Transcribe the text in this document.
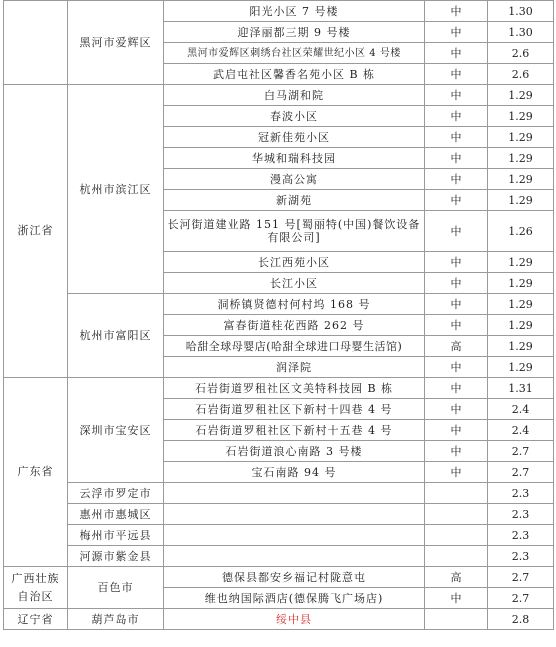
	黑河市爱辉区	阳光小区 7 号楼	中	1.30
		迎泽丽都三期 9 号楼	中	1.30
		黑河市爱辉区刺绣台社区荣耀世纪小区 4 号楼	中	2.6
		武启屯社区馨香名苑小区 B 栋	中	2.6
浙江省	杭州市滨江区	白马湖和院	中	1.29
		春波小区	中	1.29
		冠新佳苑小区	中	1.29
		华城和瑞科技园	中	1.29
		漫高公寓	中	1.29
		新湖苑	中	1.29
		长河街道建业路 151 号[蜀丽特(中国)餐饮设备有限公司]	中	1.26
		长江西苑小区	中	1.29
		长江小区	中	1.29
	杭州市富阳区	洞桥镇贤德村何村坞 168 号	中	1.29
		富春街道桂花西路 262 号	中	1.29
		哈甜全球母婴店(哈甜全球进口母婴生活馆)	高	1.29
		润泽院	中	1.29
广东省	深圳市宝安区	石岩街道罗租社区文美特科技园 B 栋	中	1.31
		石岩街道罗租社区下新村十四巷 4 号	中	2.4
		石岩街道罗租社区下新村十五巷 4 号	中	2.4
		石岩街道浪心南路 3 号楼	中	2.7
		宝石南路 94 号	中	2.7
	云浮市罗定市			2.3
	惠州市惠城区			2.3
	梅州市平远县			2.3
	河源市紫金县			2.3
广西壮族自治区	百色市	德保县都安乡福记村陇意屯	高	2.7
		维也纳国际酒店(德保腾飞广场店)	中	2.7
辽宁省	葫芦岛市	绥中县		2.8
